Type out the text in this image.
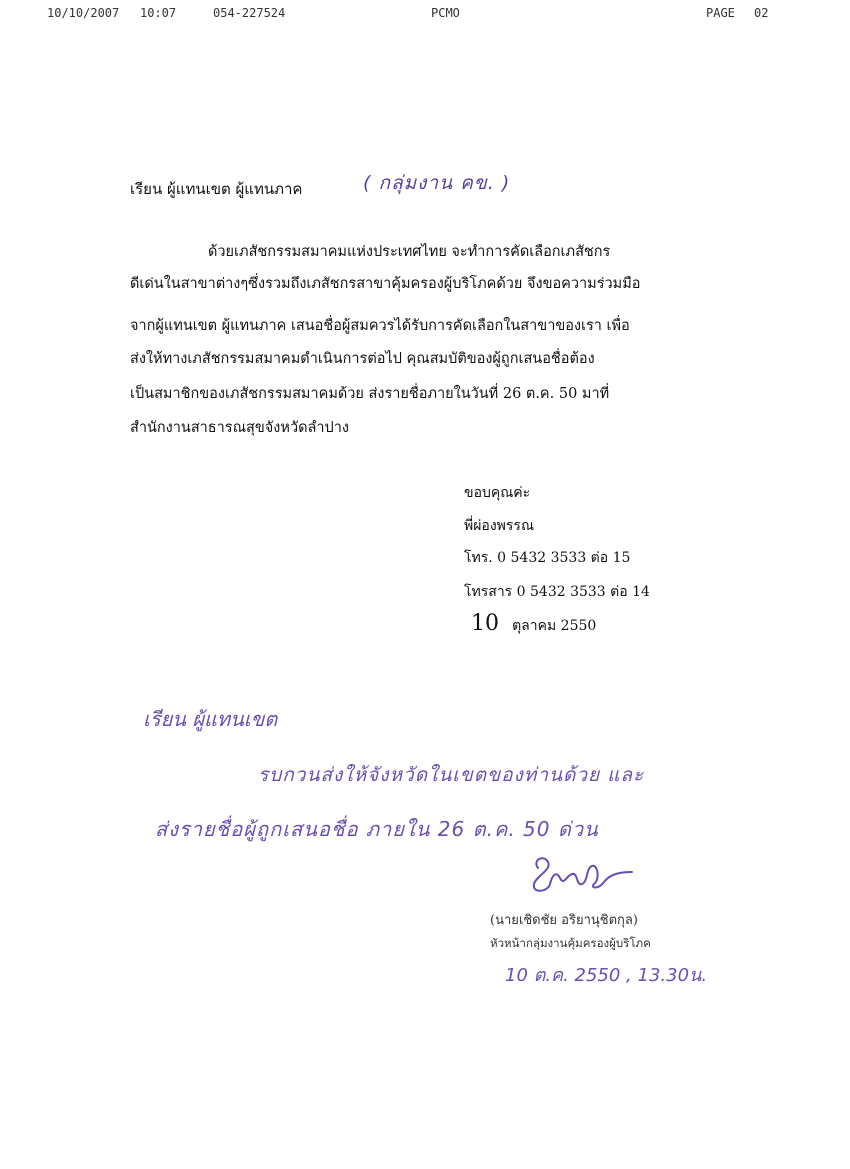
10/10/2007 10:07	054-227524	PCMO	PAGE 02
เรียน ผู้แทนเขต ผู้แทนภาค	( กลุ่มงาน คข. )
ด้วยเภสัชกรรมสมาคมแห่งประเทศไทย จะทำการคัดเลือกเภสัชกร
ดีเด่นในสาขาต่างๆซึ่งรวมถึงเภสัชกรสาขาคุ้มครองผู้บริโภคด้วย จึงขอความร่วมมือ
จากผู้แทนเขต ผู้แทนภาค เสนอชื่อผู้สมควรได้รับการคัดเลือกในสาขาของเรา เพื่อ
ส่งให้ทางเภสัชกรรมสมาคมดำเนินการต่อไป คุณสมบัติของผู้ถูกเสนอชื่อต้อง
เป็นสมาชิกของเภสัชกรรมสมาคมด้วย ส่งรายชื่อภายในวันที่ 26 ต.ค. 50 มาที่
สำนักงานสาธารณสุขจังหวัดลำปาง
ขอบคุณค่ะ
พี่ผ่องพรรณ
โทร. 0 5432 3533 ต่อ 15
โทรสาร 0 5432 3533 ต่อ 14
10 ตุลาคม 2550
เรียน ผู้แทนเขต
รบกวนส่งให้จังหวัดในเขตของท่านด้วย และ
ส่งรายชื่อผู้ถูกเสนอชื่อ ภายใน 26 ต.ค. 50 ด่วน
(นายเชิดชัย อริยานุชิตกุล)
หัวหน้ากลุ่มงานคุ้มครองผู้บริโภค
10 ต.ค. 2550 , 13.30น.
